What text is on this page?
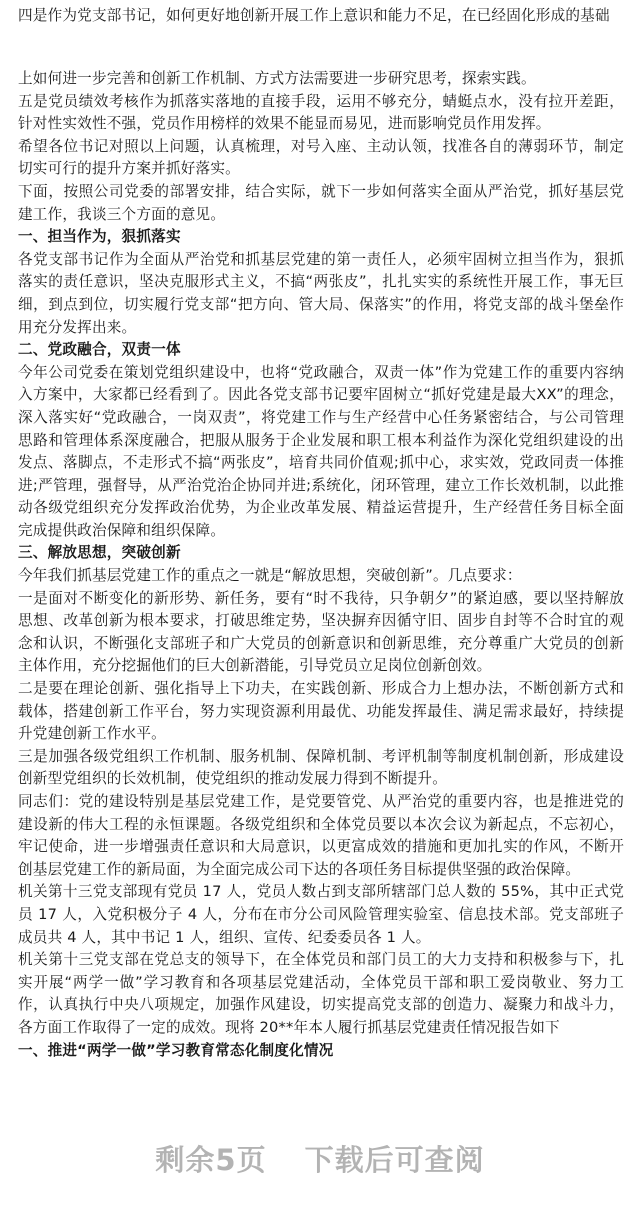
四是作为党支部书记，如何更好地创新开展工作上意识和能力不足，在已经固化形成的基础

上如何进一步完善和创新工作机制、方式方法需要进一步研究思考，探索实践。

五是党员绩效考核作为抓落实落地的直接手段，运用不够充分，蜻蜓点水，没有拉开差距，针对性实效性不强，党员作用榜样的效果不能显而易见，进而影响党员作用发挥。

希望各位书记对照以上问题，认真梳理，对号入座、主动认领，找准各自的薄弱环节，制定切实可行的提升方案并抓好落实。

下面，按照公司党委的部署安排，结合实际，就下一步如何落实全面从严治党，抓好基层党建工作，我谈三个方面的意见。

一、担当作为，狠抓落实

各党支部书记作为全面从严治党和抓基层党建的第一责任人，必须牢固树立担当作为，狠抓落实的责任意识，坚决克服形式主义，不搞“两张皮”，扎扎实实的系统性开展工作，事无巨细，到点到位，切实履行党支部“把方向、管大局、保落实”的作用，将党支部的战斗堡垒作用充分发挥出来。

二、党政融合，双责一体

今年公司党委在策划党组织建设中，也将“党政融合，双责一体”作为党建工作的重要内容纳入方案中，大家都已经看到了。因此各党支部书记要牢固树立“抓好党建是最大XX”的理念，深入落实好“党政融合，一岗双责”，将党建工作与生产经营中心任务紧密结合，与公司管理思路和管理体系深度融合，把服从服务于企业发展和职工根本利益作为深化党组织建设的出发点、落脚点，不走形式不搞“两张皮”，培育共同价值观;抓中心，求实效，党政同责一体推进;严管理，强督导，从严治党治企协同并进;系统化，闭环管理，建立工作长效机制，以此推动各级党组织充分发挥政治优势，为企业改革发展、精益运营提升，生产经营任务目标全面完成提供政治保障和组织保障。

三、解放思想，突破创新

今年我们抓基层党建工作的重点之一就是“解放思想，突破创新”。几点要求：

一是面对不断变化的新形势、新任务，要有“时不我待，只争朝夕”的紧迫感，要以坚持解放思想、改革创新为根本要求，打破思维定势，坚决摒弃因循守旧、固步自封等不合时宜的观念和认识，不断强化支部班子和广大党员的创新意识和创新思维，充分尊重广大党员的创新主体作用，充分挖掘他们的巨大创新潜能，引导党员立足岗位创新创效。

二是要在理论创新、强化指导上下功夫，在实践创新、形成合力上想办法，不断创新方式和载体，搭建创新工作平台，努力实现资源利用最优、功能发挥最佳、满足需求最好，持续提升党建创新工作水平。

三是加强各级党组织工作机制、服务机制、保障机制、考评机制等制度机制创新，形成建设创新型党组织的长效机制，使党组织的推动发展力得到不断提升。

同志们：党的建设特别是基层党建工作，是党要管党、从严治党的重要内容，也是推进党的建设新的伟大工程的永恒课题。各级党组织和全体党员要以本次会议为新起点，不忘初心，牢记使命，进一步增强责任意识和大局意识，以更富成效的措施和更加扎实的作风，不断开创基层党建工作的新局面，为全面完成公司下达的各项任务目标提供坚强的政治保障。

机关第十三党支部现有党员 17 人，党员人数占到支部所辖部门总人数的 55%，其中正式党员 17 人，入党积极分子 4 人，分布在市分公司风险管理实验室、信息技术部。党支部班子成员共 4 人，其中书记 1 人，组织、宣传、纪委委员各 1 人。

机关第十三党支部在党总支的领导下，在全体党员和部门员工的大力支持和积极参与下，扎实开展“两学一做”学习教育和各项基层党建活动，全体党员干部和职工爱岗敬业、努力工作，认真执行中央八项规定，加强作风建设，切实提高党支部的创造力、凝聚力和战斗力，各方面工作取得了一定的成效。现将 20**年本人履行抓基层党建责任情况报告如下

一、推进“两学一做”学习教育常态化制度化情况

剩余5页 下载后可查阅
